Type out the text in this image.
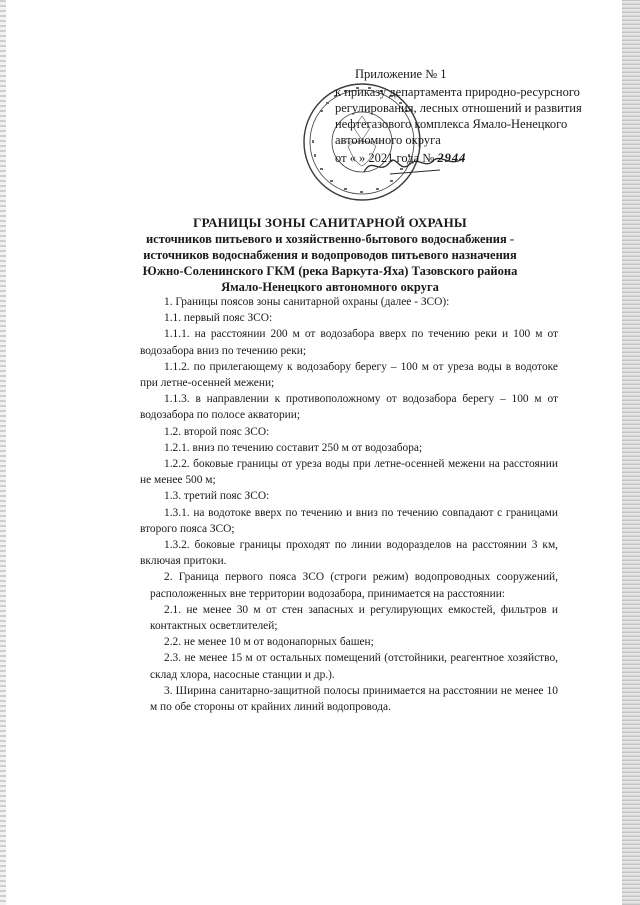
Приложение № 1
к приказу департамента природно-ресурсного регулирования, лесных отношений и развития нефтегазового комплекса Ямало-Ненецкого автономного округа
от « » 2021 года № 2944
ГРАНИЦЫ ЗОНЫ САНИТАРНОЙ ОХРАНЫ
источников питьевого и хозяйственно-бытового водоснабжения -
источников водоснабжения и водопроводов питьевого назначения
Южно-Соленинского ГКМ (река Варкута-Яха) Тазовского района
Ямало-Ненецкого автономного округа

1. Границы поясов зоны санитарной охраны (далее - ЗСО):

1.1. первый пояс ЗСО:

1.1.1. на расстоянии 200 м от водозабора вверх по течению реки и 100 м от водозабора вниз по течению реки;

1.1.2. по прилегающему к водозабору берегу – 100 м от уреза воды в водотоке при летне-осенней межени;

1.1.3. в направлении к противоположному от водозабора берегу – 100 м от водозабора по полосе акватории;

1.2. второй пояс ЗСО:

1.2.1. вниз по течению составит 250 м от водозабора;

1.2.2. боковые границы от уреза воды при летне-осенней межени на расстоянии не менее 500 м;

1.3. третий пояс ЗСО:

1.3.1. на водотоке вверх по течению и вниз по течению совпадают с границами второго пояса ЗСО;

1.3.2. боковые границы проходят по линии водоразделов на расстоянии 3 км, включая притоки.

2. Граница первого пояса ЗСО (строги режим) водопроводных сооружений, расположенных вне территории водозабора, принимается на расстоянии:

2.1. не менее 30 м от стен запасных и регулирующих емкостей, фильтров и контактных осветлителей;

2.2. не менее 10 м от водонапорных башен;

2.3. не менее 15 м от остальных помещений (отстойники, реагентное хозяйство, склад хлора, насосные станции и др.).

3. Ширина санитарно-защитной полосы принимается на расстоянии не менее 10 м по обе стороны от крайних линий водопровода.
